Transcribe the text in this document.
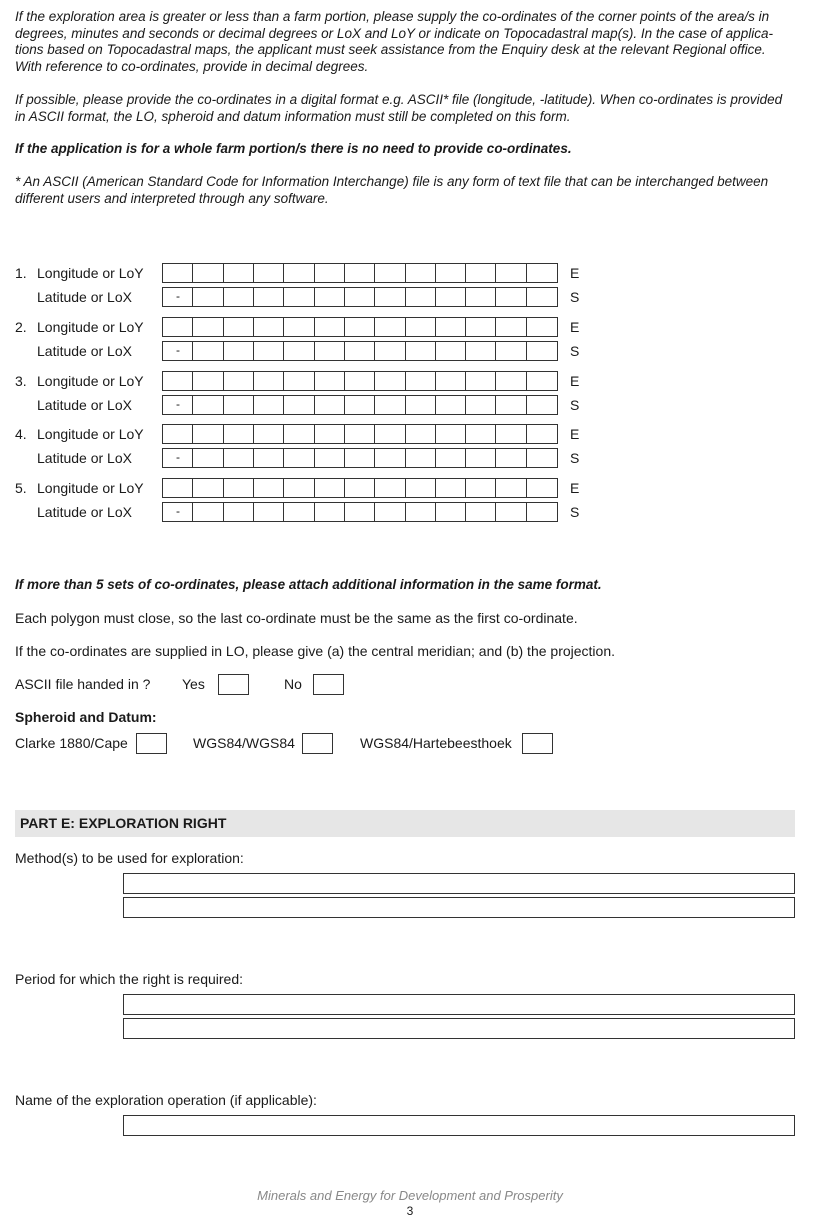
If the exploration area is greater or less than a farm portion, please supply the co-ordinates of the corner points of the area/s in degrees, minutes and seconds or decimal degrees or LoX and LoY or indicate on Topocadastral map(s). In the case of applica-tions based on Topocadastral maps, the applicant must seek assistance from the Enquiry desk at the relevant Regional office. With reference to co-ordinates, provide in decimal degrees.
If possible, please provide the co-ordinates in a digital format e.g. ASCII* file (longitude, -latitude). When co-ordinates is provided in ASCII format, the LO, spheroid and datum information must still be completed on this form.
If the application is for a whole farm portion/s there is no need to provide co-ordinates.
* An ASCII (American Standard Code for Information Interchange) file is any form of text file that can be interchanged between different users and interpreted through any software.
1. Longitude or LoY	E
Latitude or LoX	-	S
2. Longitude or LoY	E
Latitude or LoX	-	S
3. Longitude or LoY	E
Latitude or LoX	-	S
4. Longitude or LoY	E
Latitude or LoX	-	S
5. Longitude or LoY	E
Latitude or LoX	-	S
If more than 5 sets of co-ordinates, please attach additional information in the same format.
Each polygon must close, so the last co-ordinate must be the same as the first co-ordinate.
If the co-ordinates are supplied in LO, please give (a) the central meridian; and (b) the projection.
ASCII file handed in ? Yes	No
Spheroid and Datum:
Clarke 1880/Cape	WGS84/WGS84	WGS84/Hartebeesthoek
PART E: EXPLORATION RIGHT
Method(s) to be used for exploration:
Period for which the right is required:
Name of the exploration operation (if applicable):
Minerals and Energy for Development and Prosperity
3
